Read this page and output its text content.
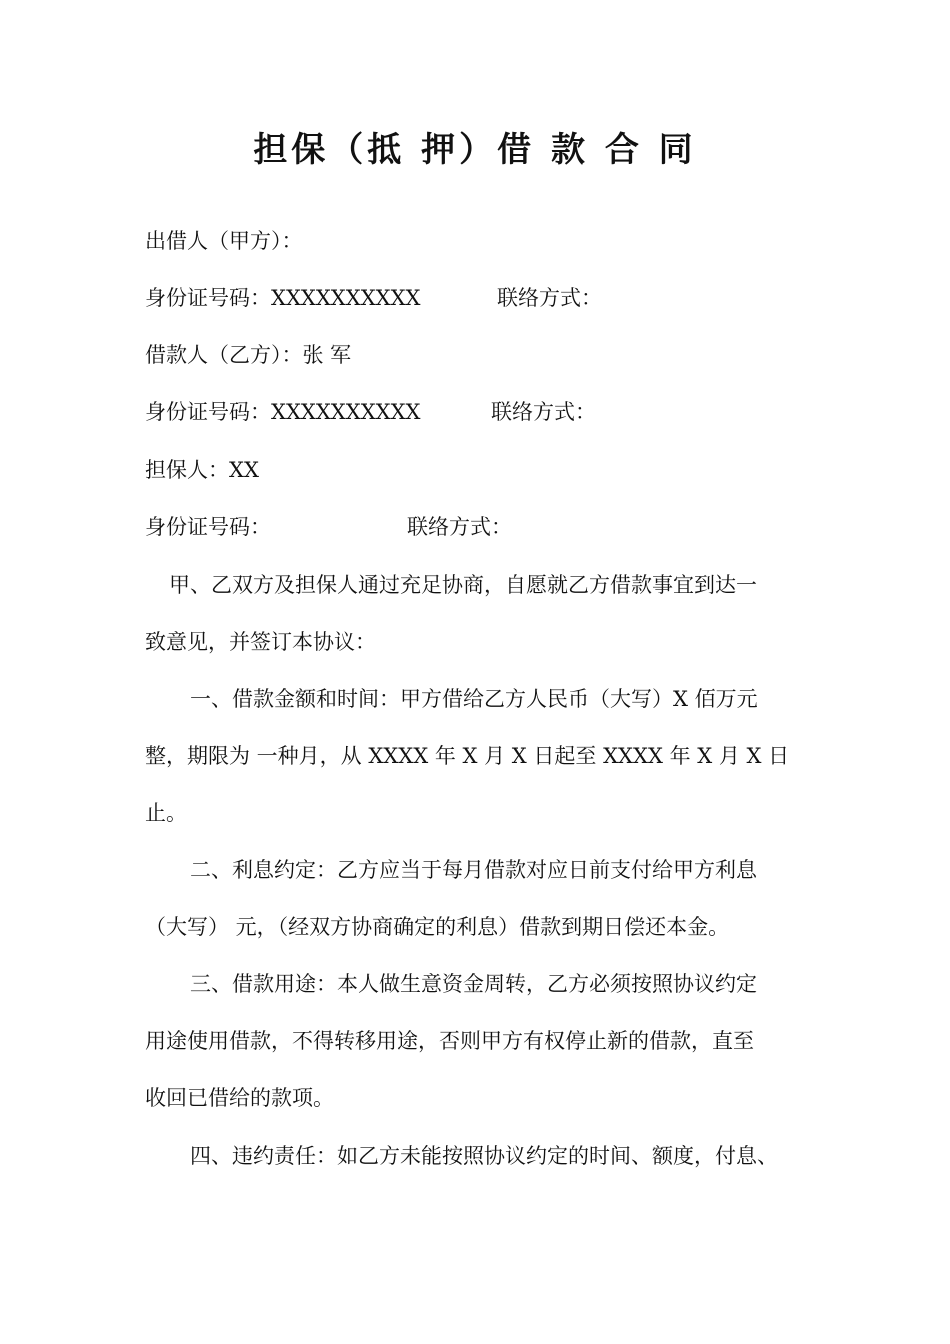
担保（抵 押）借 款 合 同
出借人（甲方）：
身份证号码：XXXXXXXXXX	联络方式：
借款人（乙方）：张 军
身份证号码：XXXXXXXXXX	联络方式：
担保人：XX
身份证号码：	联络方式：
甲、乙双方及担保人通过充足协商，自愿就乙方借款事宜到达一
致意见，并签订本协议：
一、借款金额和时间：甲方借给乙方人民币（大写）X 佰万元
整，期限为 一种月，从 XXXX 年 X 月 X 日起至 XXXX 年 X 月 X 日
止。
二、利息约定：乙方应当于每月借款对应日前支付给甲方利息
（大写） 元，（经双方协商确定的利息）借款到期日偿还本金。
三、借款用途：本人做生意资金周转，乙方必须按照协议约定
用途使用借款，不得转移用途，否则甲方有权停止新的借款，直至
收回已借给的款项。
四、违约责任：如乙方未能按照协议约定的时间、额度，付息、
